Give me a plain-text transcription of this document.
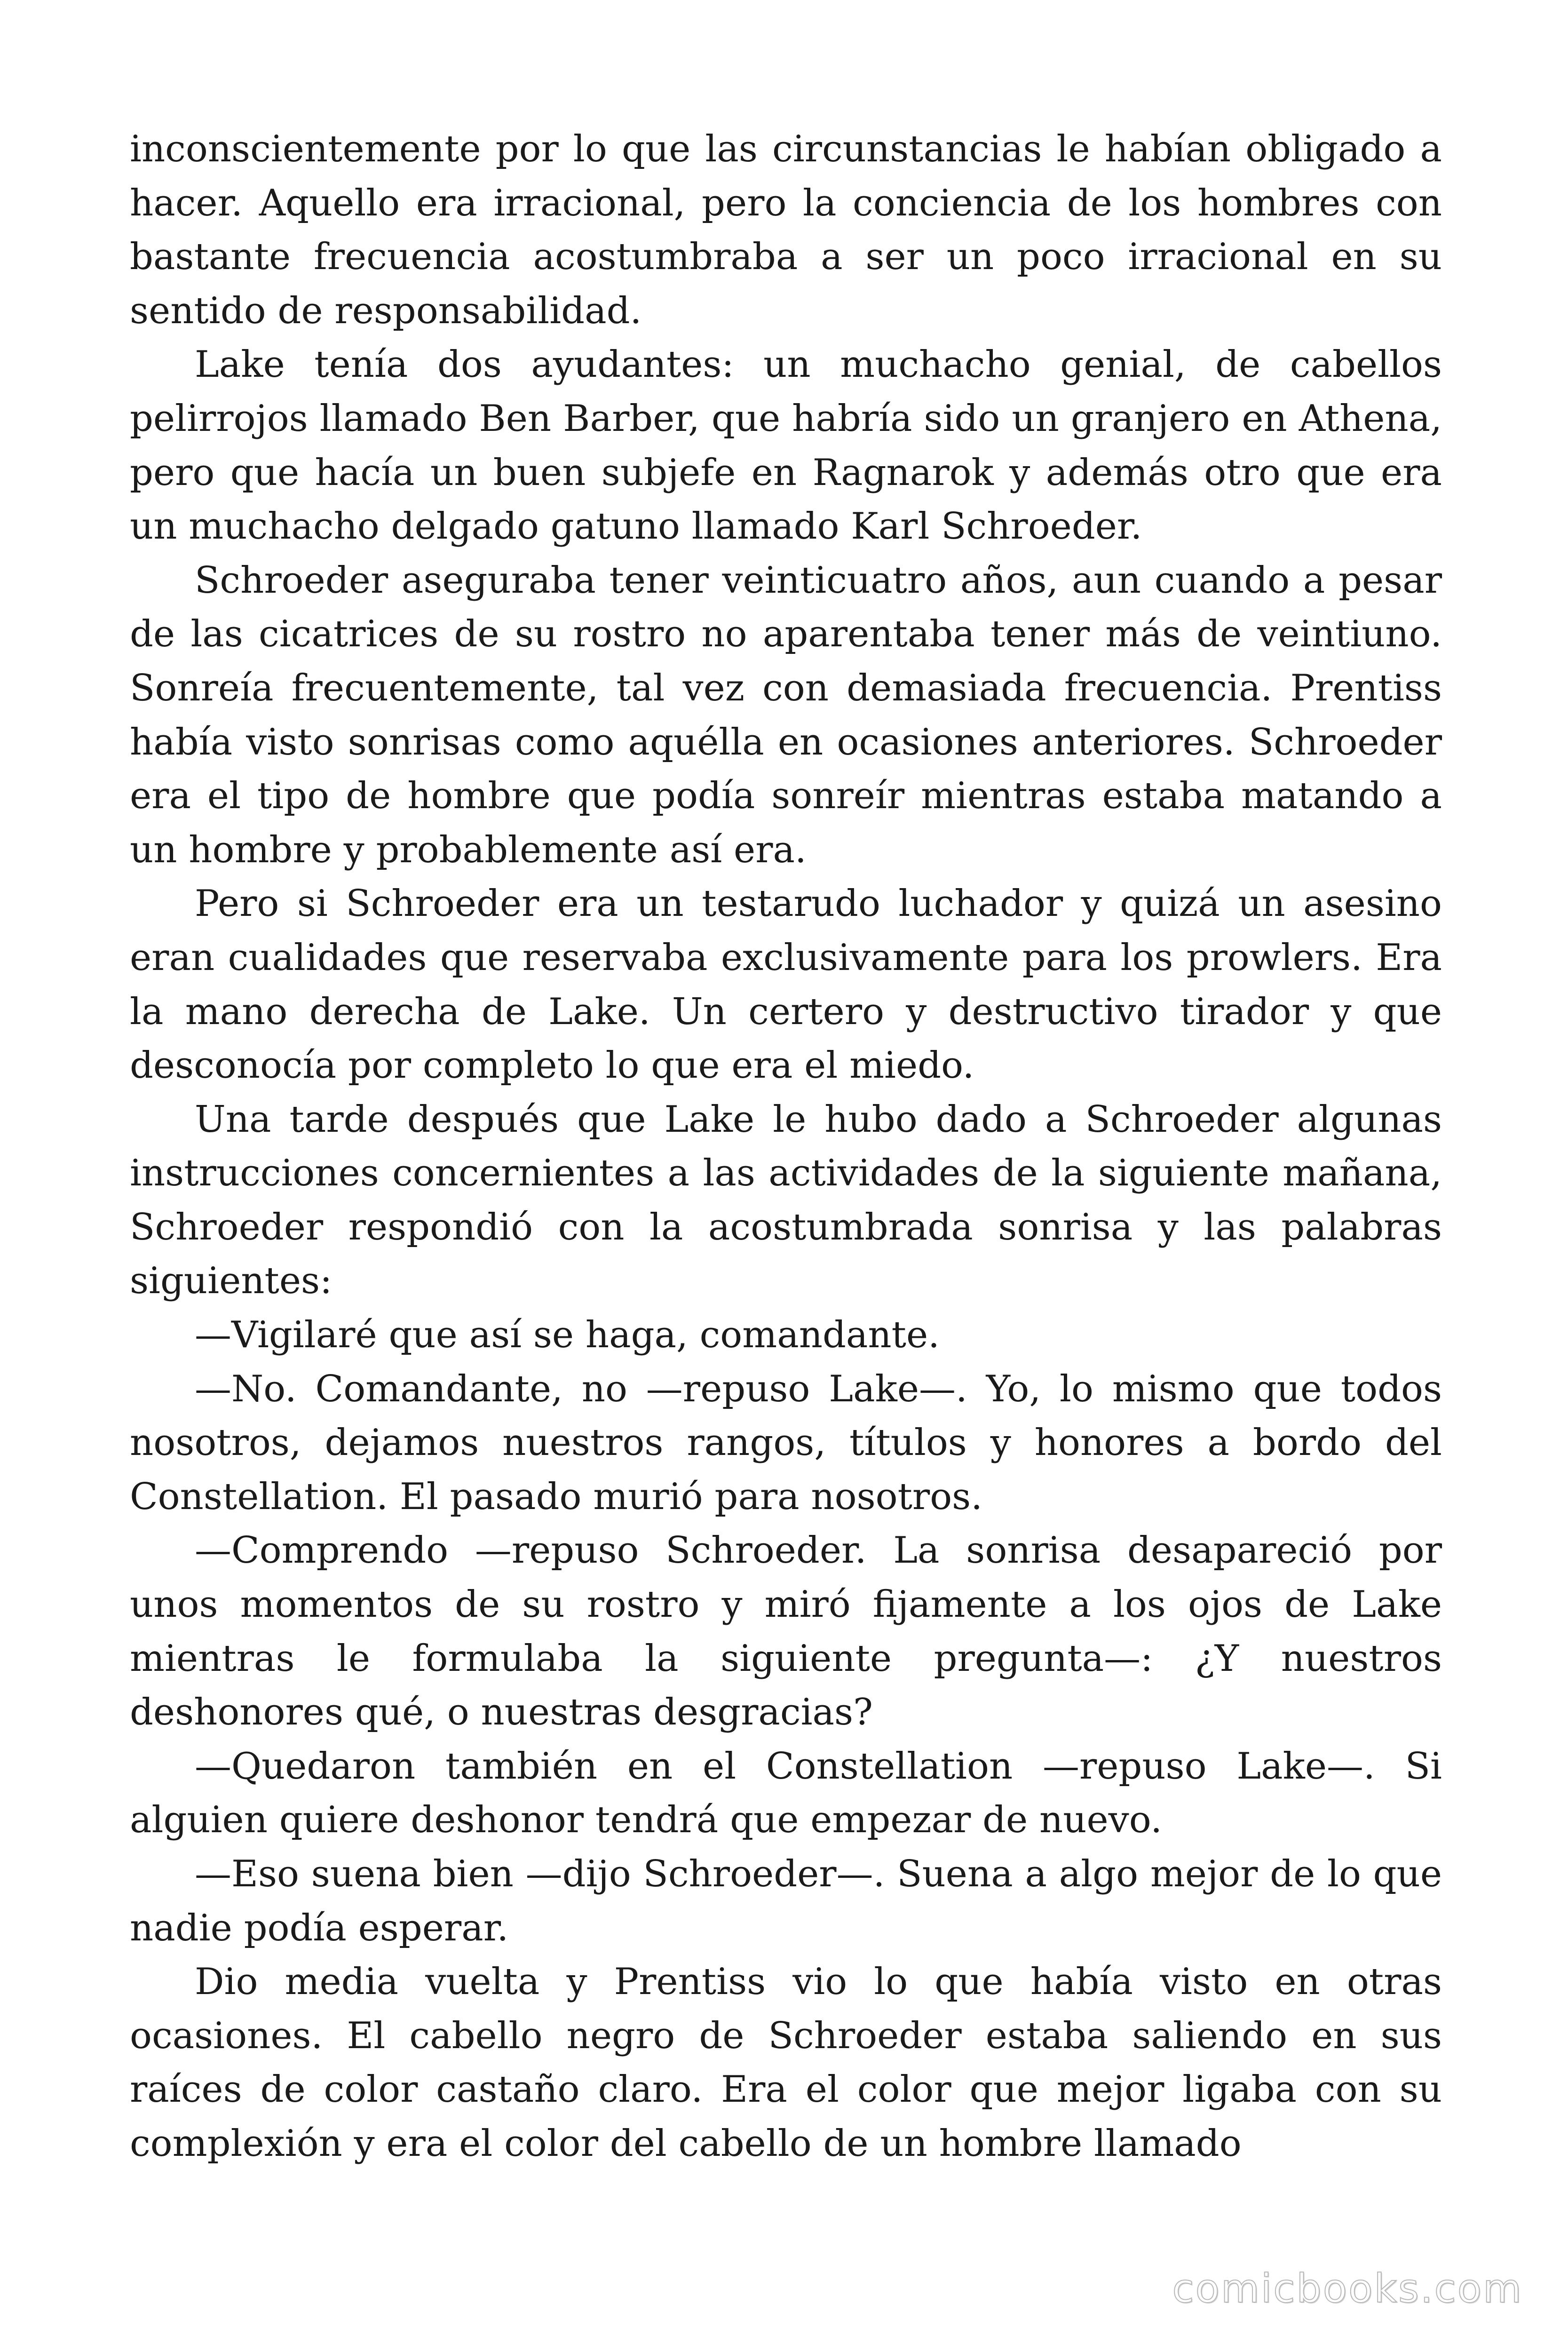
inconscientemente por lo que las circunstancias le habían obligado a hacer. Aquello era irracional, pero la conciencia de los hombres con bastante frecuencia acostumbraba a ser un poco irracional en su sentido de responsabilidad.

Lake tenía dos ayudantes: un muchacho genial, de cabellos pelirrojos llamado Ben Barber, que habría sido un granjero en Athena, pero que hacía un buen subjefe en Ragnarok y además otro que era un muchacho delgado gatuno llamado Karl Schroeder.

Schroeder aseguraba tener veinticuatro años, aun cuando a pesar de las cicatrices de su rostro no aparentaba tener más de veintiuno. Sonreía frecuentemente, tal vez con demasiada frecuencia. Prentiss había visto sonrisas como aquélla en ocasiones anteriores. Schroeder era el tipo de hombre que podía sonreír mientras estaba matando a un hombre y probablemente así era.

Pero si Schroeder era un testarudo luchador y quizá un asesino eran cualidades que reservaba exclusivamente para los prowlers. Era la mano derecha de Lake. Un certero y destructivo tirador y que desconocía por completo lo que era el miedo.

Una tarde después que Lake le hubo dado a Schroeder algunas instrucciones concernientes a las actividades de la siguiente mañana, Schroeder respondió con la acostumbrada sonrisa y las palabras siguientes:

—Vigilaré que así se haga, comandante.

—No. Comandante, no —repuso Lake—. Yo, lo mismo que todos nosotros, dejamos nuestros rangos, títulos y honores a bordo del Constellation. El pasado murió para nosotros.

—Comprendo —repuso Schroeder. La sonrisa desapareció por unos momentos de su rostro y miró fijamente a los ojos de Lake mientras le formulaba la siguiente pregunta—: ¿Y nuestros deshonores qué, o nuestras desgracias?

—Quedaron también en el Constellation —repuso Lake—. Si alguien quiere deshonor tendrá que empezar de nuevo.

—Eso suena bien —dijo Schroeder—. Suena a algo mejor de lo que nadie podía esperar.

Dio media vuelta y Prentiss vio lo que había visto en otras ocasiones. El cabello negro de Schroeder estaba saliendo en sus raíces de color castaño claro. Era el color que mejor ligaba con su complexión y era el color del cabello de un hombre llamado

comicbooks.com
